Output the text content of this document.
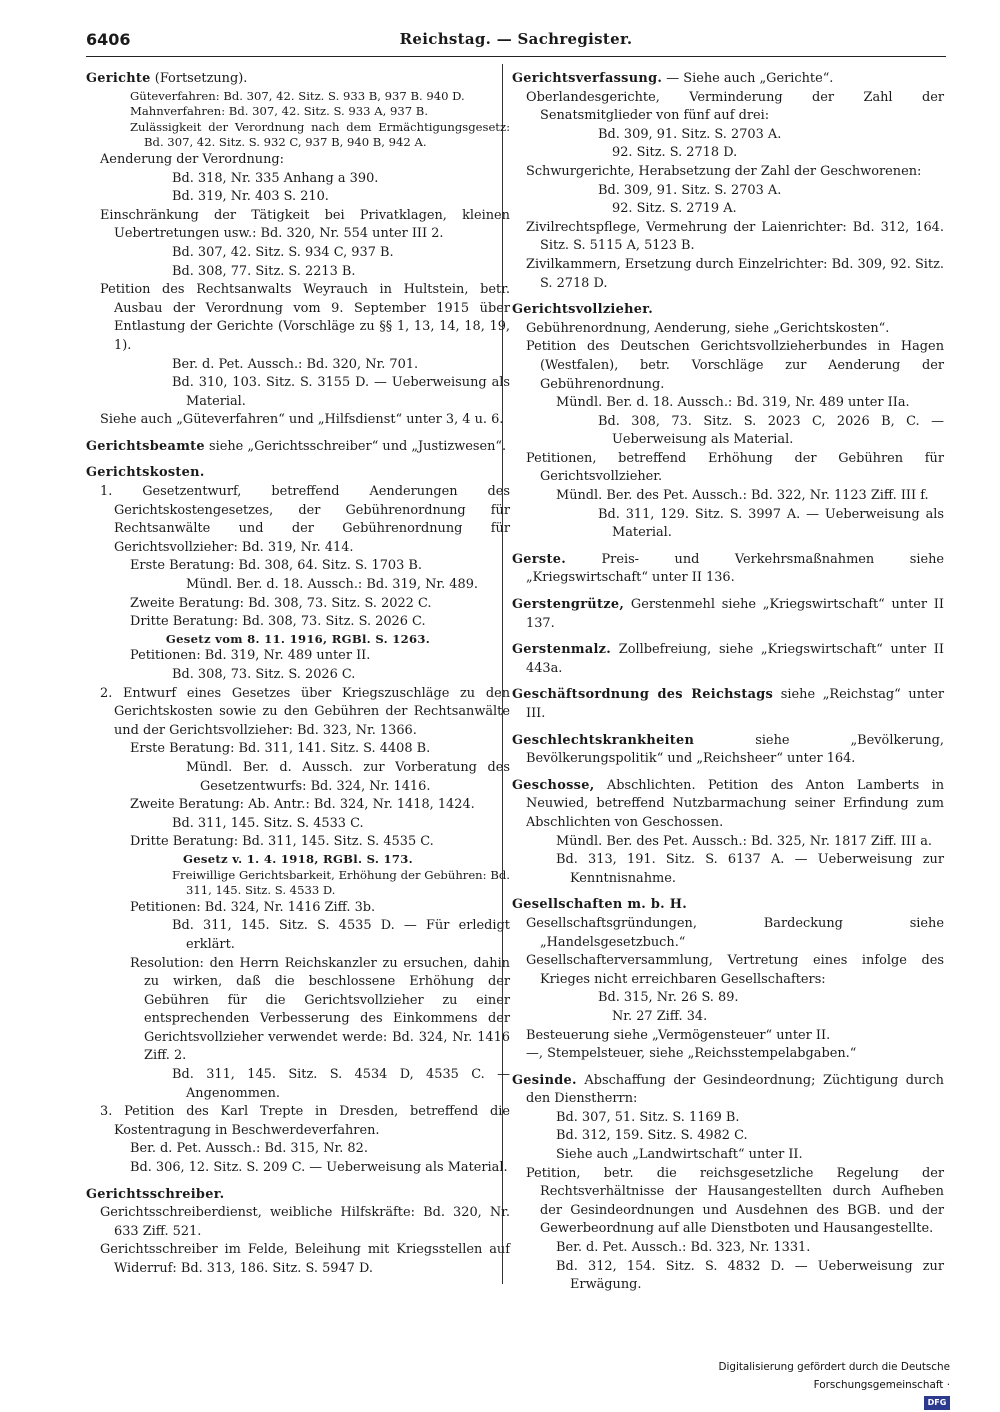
6406	Reichstag. — Sachregister.
Gerichte (Fortsetzung).
Güteverfahren: Bd. 307, 42. Sitz. S. 933 B, 937 B. 940 D.
Mahnverfahren: Bd. 307, 42. Sitz. S. 933 A, 937 B.
Zulässigkeit der Verordnung nach dem Ermächtigungsgesetz: Bd. 307, 42. Sitz. S. 932 C, 937 B, 940 B, 942 A.
Aenderung der Verordnung:
Bd. 318, Nr. 335 Anhang a 390.
Bd. 319, Nr. 403 S. 210.
Einschränkung der Tätigkeit bei Privatklagen, kleinen Uebertretungen usw.: Bd. 320, Nr. 554 unter III 2.
Bd. 307, 42. Sitz. S. 934 C, 937 B.
Bd. 308, 77. Sitz. S. 2213 B.
Petition des Rechtsanwalts Weyrauch in Hultstein, betr. Ausbau der Verordnung vom 9. September 1915 über Entlastung der Gerichte (Vorschläge zu §§ 1, 13, 14, 18, 19, 1).
Ber. d. Pet. Aussch.: Bd. 320, Nr. 701.
Bd. 310, 103. Sitz. S. 3155 D. — Ueberweisung als Material.
Siehe auch „Güteverfahren“ und „Hilfsdienst“ unter 3, 4 u. 6.
Gerichtsbeamte siehe „Gerichtsschreiber“ und „Justizwesen“.
Gerichtskosten.
1. Gesetzentwurf, betreffend Aenderungen des Gerichtskostengesetzes, der Gebührenordnung für Rechtsanwälte und der Gebührenordnung für Gerichtsvollzieher: Bd. 319, Nr. 414.
Erste Beratung: Bd. 308, 64. Sitz. S. 1703 B.
Mündl. Ber. d. 18. Aussch.: Bd. 319, Nr. 489.
Zweite Beratung: Bd. 308, 73. Sitz. S. 2022 C.
Dritte Beratung: Bd. 308, 73. Sitz. S. 2026 C.
Gesetz vom 8. 11. 1916, RGBl. S. 1263.
Petitionen: Bd. 319, Nr. 489 unter II.
Bd. 308, 73. Sitz. S. 2026 C.
2. Entwurf eines Gesetzes über Kriegszuschläge zu den Gerichtskosten sowie zu den Gebühren der Rechtsanwälte und der Gerichtsvollzieher: Bd. 323, Nr. 1366.
Erste Beratung: Bd. 311, 141. Sitz. S. 4408 B.
Mündl. Ber. d. Aussch. zur Vorberatung des Gesetzentwurfs: Bd. 324, Nr. 1416.
Zweite Beratung: Ab. Antr.: Bd. 324, Nr. 1418, 1424.
Bd. 311, 145. Sitz. S. 4533 C.
Dritte Beratung: Bd. 311, 145. Sitz. S. 4535 C.
Gesetz v. 1. 4. 1918, RGBl. S. 173.
Freiwillige Gerichtsbarkeit, Erhöhung der Gebühren: Bd. 311, 145. Sitz. S. 4533 D.
Petitionen: Bd. 324, Nr. 1416 Ziff. 3b.
Bd. 311, 145. Sitz. S. 4535 D. — Für erledigt erklärt.
Resolution: den Herrn Reichskanzler zu ersuchen, dahin zu wirken, daß die beschlossene Erhöhung der Gebühren für die Gerichtsvollzieher zu einer entsprechenden Verbesserung des Einkommens der Gerichtsvollzieher verwendet werde: Bd. 324, Nr. 1416 Ziff. 2.
Bd. 311, 145. Sitz. S. 4534 D, 4535 C. — Angenommen.
3. Petition des Karl Trepte in Dresden, betreffend die Kostentragung in Beschwerdeverfahren.
Ber. d. Pet. Aussch.: Bd. 315, Nr. 82.
Bd. 306, 12. Sitz. S. 209 C. — Ueberweisung als Material.
Gerichtsschreiber.
Gerichtsschreiberdienst, weibliche Hilfskräfte: Bd. 320, Nr. 633 Ziff. 521.
Gerichtsschreiber im Felde, Beleihung mit Kriegsstellen auf Widerruf: Bd. 313, 186. Sitz. S. 5947 D.
Gerichtsverfassung. — Siehe auch „Gerichte“.
Oberlandesgerichte, Verminderung der Zahl der Senatsmitglieder von fünf auf drei:
Bd. 309, 91. Sitz. S. 2703 A.
92. Sitz. S. 2718 D.
Schwurgerichte, Herabsetzung der Zahl der Geschworenen:
Bd. 309, 91. Sitz. S. 2703 A.
92. Sitz. S. 2719 A.
Zivilrechtspflege, Vermehrung der Laienrichter: Bd. 312, 164. Sitz. S. 5115 A, 5123 B.
Zivilkammern, Ersetzung durch Einzelrichter: Bd. 309, 92. Sitz. S. 2718 D.
Gerichtsvollzieher.
Gebührenordnung, Aenderung, siehe „Gerichtskosten“.
Petition des Deutschen Gerichtsvollzieherbundes in Hagen (Westfalen), betr. Vorschläge zur Aenderung der Gebührenordnung.
Mündl. Ber. d. 18. Aussch.: Bd. 319, Nr. 489 unter IIa.
Bd. 308, 73. Sitz. S. 2023 C, 2026 B, C. — Ueberweisung als Material.
Petitionen, betreffend Erhöhung der Gebühren für Gerichtsvollzieher.
Mündl. Ber. des Pet. Aussch.: Bd. 322, Nr. 1123 Ziff. III f.
Bd. 311, 129. Sitz. S. 3997 A. — Ueberweisung als Material.
Gerste. Preis- und Verkehrsmaßnahmen siehe „Kriegswirtschaft“ unter II 136.
Gerstengrütze, Gerstenmehl siehe „Kriegswirtschaft“ unter II 137.
Gerstenmalz. Zollbefreiung, siehe „Kriegswirtschaft“ unter II 443a.
Geschäftsordnung des Reichstags siehe „Reichstag“ unter III.
Geschlechtskrankheiten siehe „Bevölkerung, Bevölkerungspolitik“ und „Reichsheer“ unter 164.
Geschosse, Abschlichten. Petition des Anton Lamberts in Neuwied, betreffend Nutzbarmachung seiner Erfindung zum Abschlichten von Geschossen.
Mündl. Ber. des Pet. Aussch.: Bd. 325, Nr. 1817 Ziff. III a.
Bd. 313, 191. Sitz. S. 6137 A. — Ueberweisung zur Kenntnisnahme.
Gesellschaften m. b. H.
Gesellschaftsgründungen, Bardeckung siehe „Handelsgesetzbuch.“
Gesellschafterversammlung, Vertretung eines infolge des Krieges nicht erreichbaren Gesellschafters:
Bd. 315, Nr. 26 S. 89.
Nr. 27 Ziff. 34.
Besteuerung siehe „Vermögensteuer“ unter II.
—, Stempelsteuer, siehe „Reichsstempelabgaben.“
Gesinde. Abschaffung der Gesindeordnung; Züchtigung durch den Dienstherrn:
Bd. 307, 51. Sitz. S. 1169 B.
Bd. 312, 159. Sitz. S. 4982 C.
Siehe auch „Landwirtschaft“ unter II.
Petition, betr. die reichsgesetzliche Regelung der Rechtsverhältnisse der Hausangestellten durch Aufheben der Gesindeordnungen und Ausdehnen des BGB. und der Gewerbeordnung auf alle Dienstboten und Hausangestellte.
Ber. d. Pet. Aussch.: Bd. 323, Nr. 1331.
Bd. 312, 154. Sitz. S. 4832 D. — Ueberweisung zur Erwägung.
Digitalisierung gefördert durch die Deutsche Forschungsgemeinschaft · DFG
